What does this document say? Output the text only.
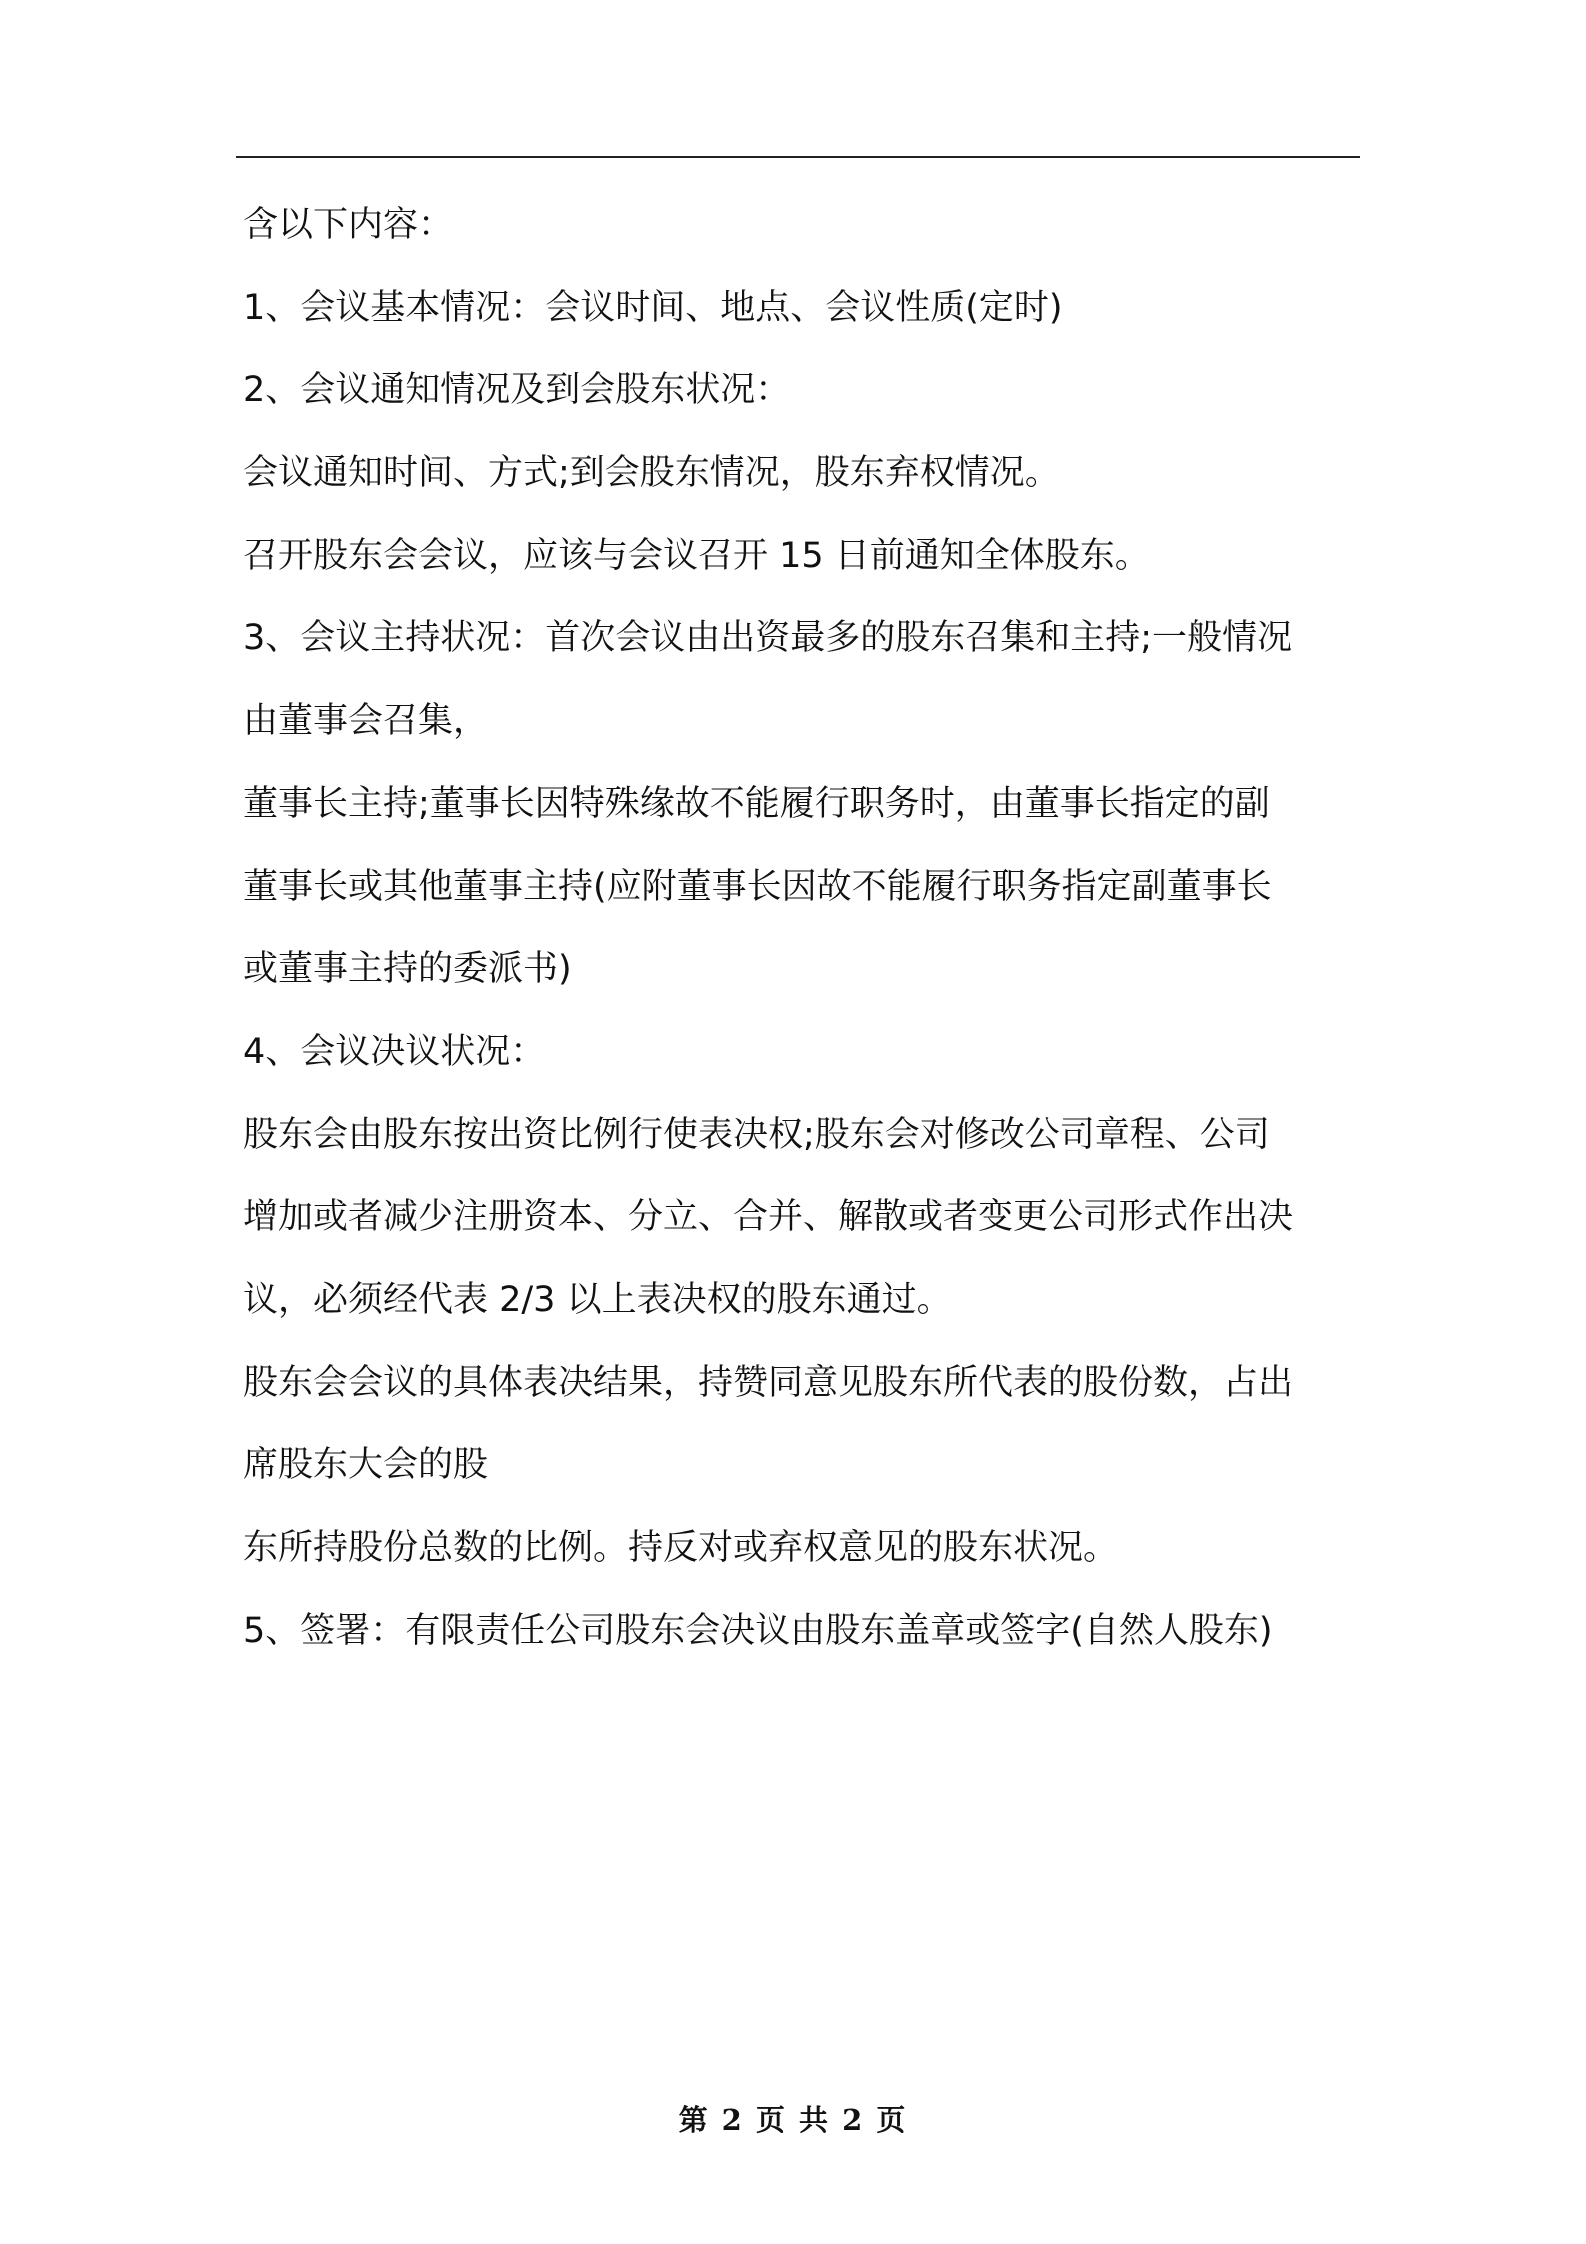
含以下内容：

1、会议基本情况：会议时间、地点、会议性质(定时)

2、会议通知情况及到会股东状况：

会议通知时间、方式;到会股东情况，股东弃权情况。

召开股东会会议，应该与会议召开 15 日前通知全体股东。

3、会议主持状况：首次会议由出资最多的股东召集和主持;一般情况

由董事会召集，

董事长主持;董事长因特殊缘故不能履行职务时，由董事长指定的副

董事长或其他董事主持(应附董事长因故不能履行职务指定副董事长

或董事主持的委派书)

4、会议决议状况：

股东会由股东按出资比例行使表决权;股东会对修改公司章程、公司

增加或者减少注册资本、分立、合并、解散或者变更公司形式作出决

议，必须经代表 2/3 以上表决权的股东通过。

股东会会议的具体表决结果，持赞同意见股东所代表的股份数，占出

席股东大会的股

东所持股份总数的比例。持反对或弃权意见的股东状况。

5、签署：有限责任公司股东会决议由股东盖章或签字(自然人股东)

第 2 页 共 2 页
